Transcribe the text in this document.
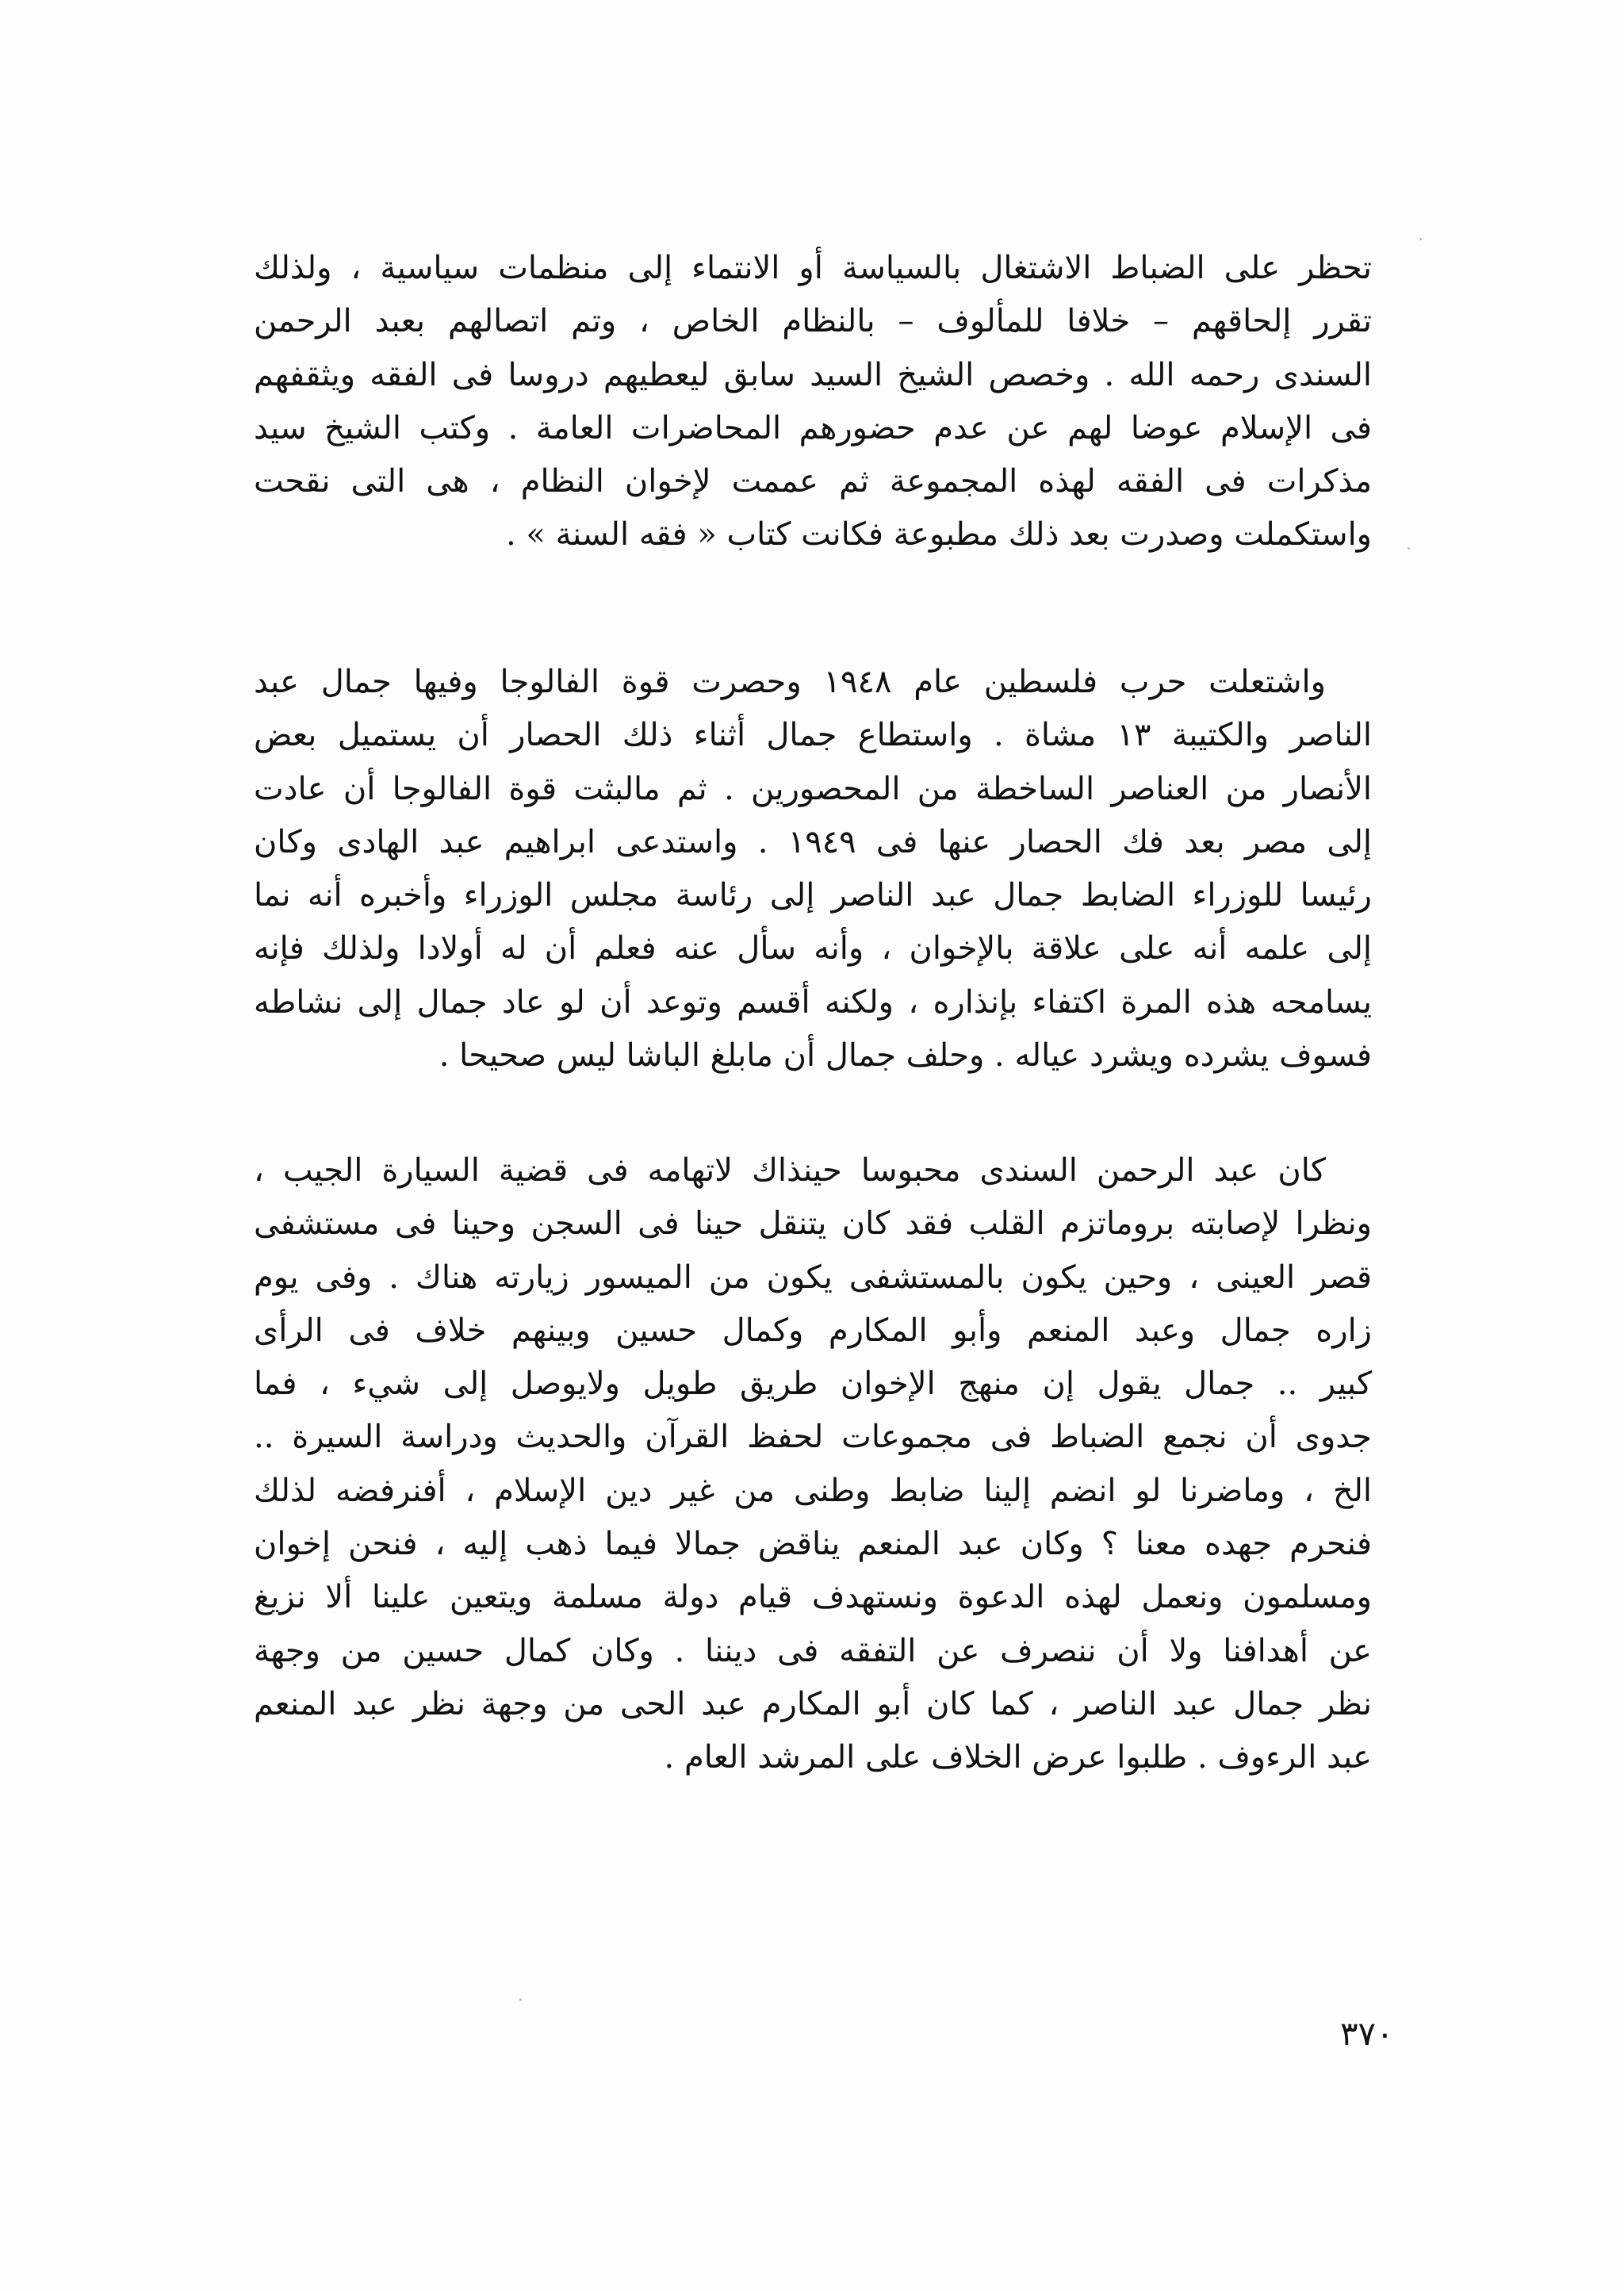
تحظر على الضباط الاشتغال بالسياسة أو الانتماء إلى منظمات سياسية ، ولذلك
تقرر إلحاقهم – خلافا للمألوف – بالنظام الخاص ، وتم اتصالهم بعبد الرحمن
السندى رحمه الله . وخصص الشيخ السيد سابق ليعطيهم دروسا فى الفقه ويثقفهم
فى الإسلام عوضا لهم عن عدم حضورهم المحاضرات العامة . وكتب الشيخ سيد
مذكرات فى الفقه لهذه المجموعة ثم عممت لإخوان النظام ، هى التى نقحت
واستكملت وصدرت بعد ذلك مطبوعة فكانت كتاب « فقه السنة » .
واشتعلت حرب فلسطين عام ١٩٤٨ وحصرت قوة الفالوجا وفيها جمال عبد
الناصر والكتيبة ١٣ مشاة . واستطاع جمال أثناء ذلك الحصار أن يستميل بعض
الأنصار من العناصر الساخطة من المحصورين . ثم مالبثت قوة الفالوجا أن عادت
إلى مصر بعد فك الحصار عنها فى ١٩٤٩ . واستدعى ابراهيم عبد الهادى وكان
رئيسا للوزراء الضابط جمال عبد الناصر إلى رئاسة مجلس الوزراء وأخبره أنه نما
إلى علمه أنه على علاقة بالإخوان ، وأنه سأل عنه فعلم أن له أولادا ولذلك فإنه
يسامحه هذه المرة اكتفاء بإنذاره ، ولكنه أقسم وتوعد أن لو عاد جمال إلى نشاطه
فسوف يشرده ويشرد عياله . وحلف جمال أن مابلغ الباشا ليس صحيحا .
كان عبد الرحمن السندى محبوسا حينذاك لاتهامه فى قضية السيارة الجيب ،
ونظرا لإصابته بروماتزم القلب فقد كان يتنقل حينا فى السجن وحينا فى مستشفى
قصر العينى ، وحين يكون بالمستشفى يكون من الميسور زيارته هناك . وفى يوم
زاره جمال وعبد المنعم وأبو المكارم وكمال حسين وبينهم خلاف فى الرأى
كبير .. جمال يقول إن منهج الإخوان طريق طويل ولايوصل إلى شيء ، فما
جدوى أن نجمع الضباط فى مجموعات لحفظ القرآن والحديث ودراسة السيرة ..
الخ ، وماضرنا لو انضم إلينا ضابط وطنى من غير دين الإسلام ، أفنرفضه لذلك
فنحرم جهده معنا ؟ وكان عبد المنعم يناقض جمالا فيما ذهب إليه ، فنحن إخوان
ومسلمون ونعمل لهذه الدعوة ونستهدف قيام دولة مسلمة ويتعين علينا ألا نزيغ
عن أهدافنا ولا أن ننصرف عن التفقه فى ديننا . وكان كمال حسين من وجهة
نظر جمال عبد الناصر ، كما كان أبو المكارم عبد الحى من وجهة نظر عبد المنعم
عبد الرءوف . طلبوا عرض الخلاف على المرشد العام .
٣٧٠
